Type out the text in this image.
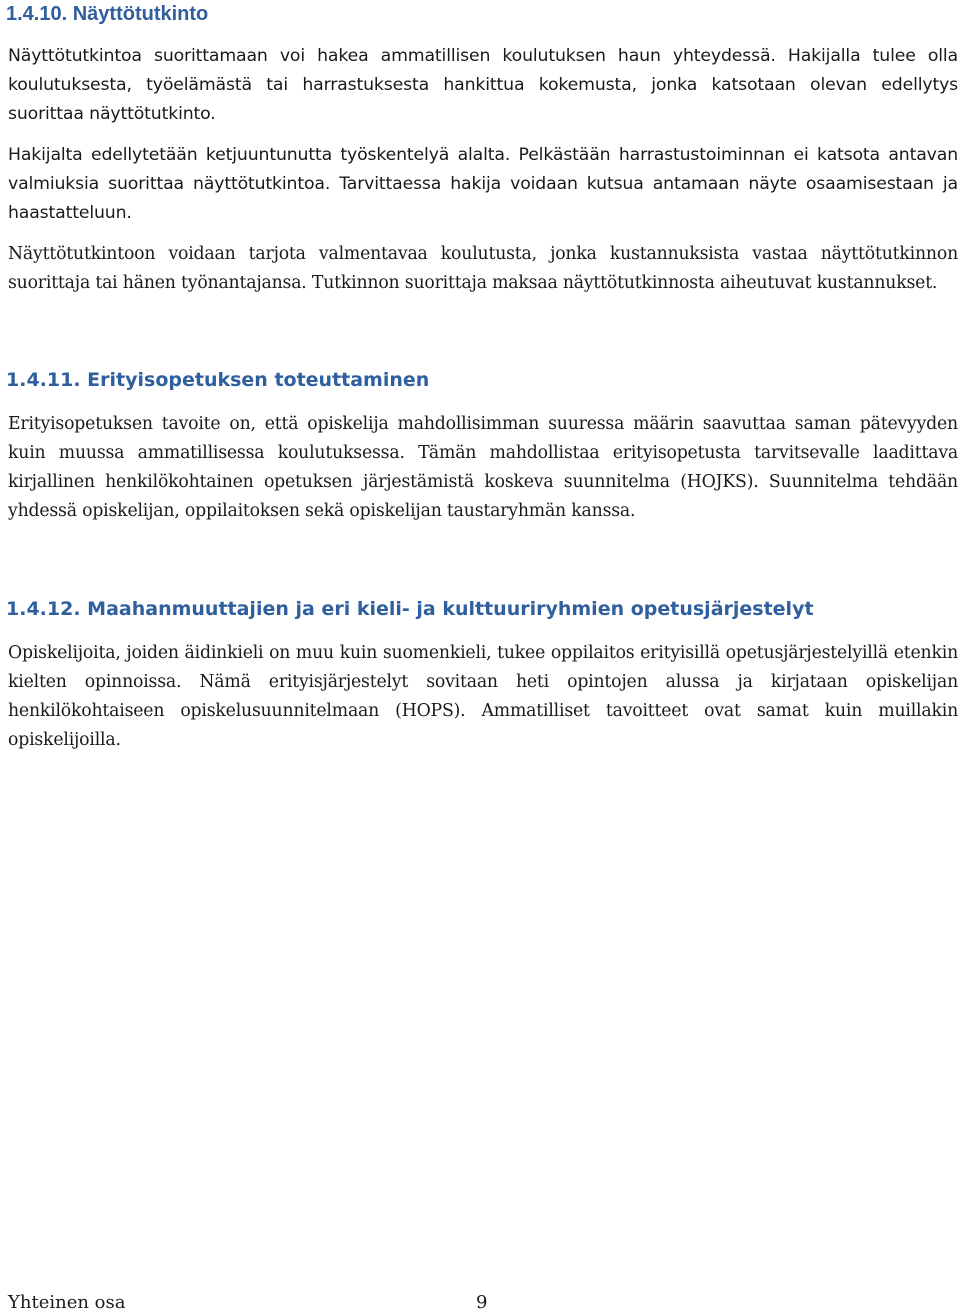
1.4.10. Näyttötutkinto

Näyttötutkintoa suorittamaan voi hakea ammatillisen koulutuksen haun yhteydessä. Hakijalla tulee olla koulutuksesta, työelämästä tai harrastuksesta hankittua kokemusta, jonka katsotaan olevan edellytys suorittaa näyttötutkinto.

Hakijalta edellytetään ketjuuntunutta työskentelyä alalta. Pelkästään harrastustoiminnan ei katsota antavan valmiuksia suorittaa näyttötutkintoa. Tarvittaessa hakija voidaan kutsua antamaan näyte osaamisestaan ja haastatteluun.

Näyttötutkintoon voidaan tarjota valmentavaa koulutusta, jonka kustannuksista vastaa näyttötutkinnon suorittaja tai hänen työnantajansa. Tutkinnon suorittaja maksaa näyttötutkinnosta aiheutuvat kustannukset.

1.4.11. Erityisopetuksen toteuttaminen

Erityisopetuksen tavoite on, että opiskelija mahdollisimman suuressa määrin saavuttaa saman pätevyyden kuin muussa ammatillisessa koulutuksessa. Tämän mahdollistaa erityisopetusta tarvitsevalle laadittava kirjallinen henkilökohtainen opetuksen järjestämistä koskeva suunnitelma (HOJKS). Suunnitelma tehdään yhdessä opiskelijan, oppilaitoksen sekä opiskelijan taustaryhmän kanssa.

1.4.12. Maahanmuuttajien ja eri kieli- ja kulttuuriryhmien opetusjärjestelyt

Opiskelijoita, joiden äidinkieli on muu kuin suomenkieli, tukee oppilaitos erityisillä opetusjärjestelyillä etenkin kielten opinnoissa. Nämä erityisjärjestelyt sovitaan heti opintojen alussa ja kirjataan opiskelijan henkilökohtaiseen opiskelusuunnitelmaan (HOPS). Ammatilliset tavoitteet ovat samat kuin muillakin opiskelijoilla.

Yhteinen osa	9
